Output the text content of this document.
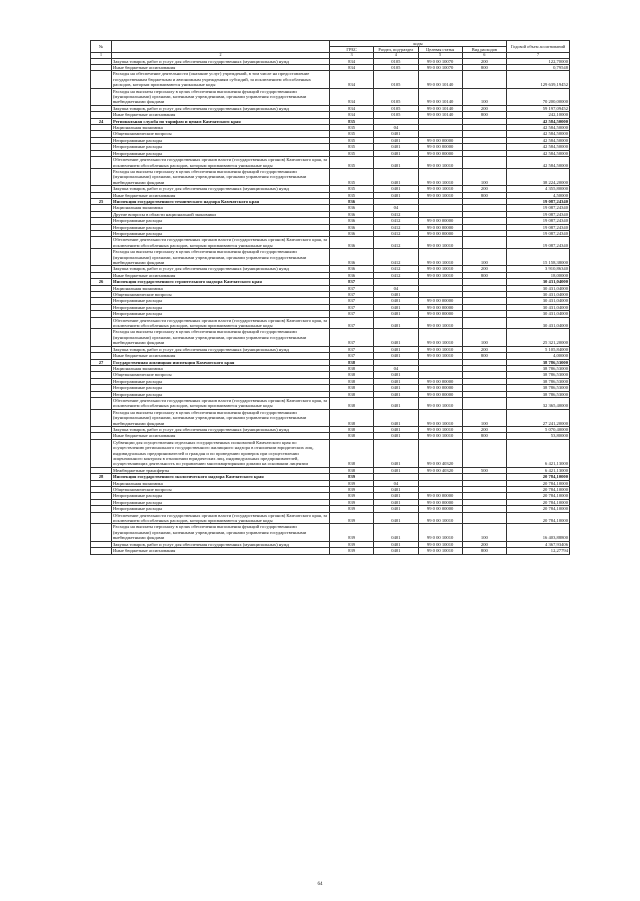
№		коды				Годовой объем ассигнований
		ГРБС	Раздел, под-раздел	Целевая статья	Вид расходов	
1	2	3	4	5	6	7
	Закупка товаров, работ и услуг для обеспечения государственных (муниципальных) нужд	834	0105	99 0 00 10070	200	122,70000
	Иные бюджетные ассигнования	834	0105	99 0 00 10070	800	0,79548
	Расходы на обеспечение деятельности (оказание услуг) учреждений, в том числе на предоставление государственным бюджетным и автономным учреждениям субсидий, за исключением обособленных расходов, которым присваиваются уникальные коды	834	0105	99 0 00 10140		129 639,19452
	Расходы на выплаты персоналу в целях обеспечения выполнения функций государственными (муниципальными) органами, казенными учреждениями, органами управления государственными внебюджетными фондами	834	0105	99 0 00 10140	100	70 200,00000
	Закупка товаров, работ и услуг для обеспечения государственных (муниципальных) нужд	834	0105	99 0 00 10140	200	59 197,09452
	Иные бюджетные ассигнования	834	0105	99 0 00 10140	800	242,10000
24	Региональная служба по тарифам и ценам Камчатского края	835				42 584,50000
	Национальная экономика	835	04			42 584,50000
	Общеэкономические вопросы	835	0401			42 584,50000
	Непрограммные расходы	835	0401	99 0 00 00000		42 584,50000
	Непрограммные расходы	835	0401	99 0 00 00000		42 584,50000
	Непрограммные расходы	835	0401	99 0 00 00000		42 584,50000
	Обеспечение деятельности государственных органов власти (государственных органов) Камчатского края, за исключением обособленных расходов, которым присваиваются уникальные коды	835	0401	99 0 00 10010		42 584,50000
	Расходы на выплаты персоналу в целях обеспечения выполнения функций государственными (муниципальными) органами, казенными учреждениями, органами управления государственными внебюджетными фондами	835	0401	99 0 00 10010	100	38 224,20000
	Закупка товаров, работ и услуг для обеспечения государственных (муниципальных) нужд	835	0401	99 0 00 10010	200	4 355,80000
	Иные бюджетные ассигнования	835	0401	99 0 00 10010	800	4,50000
25	Инспекция государственного технического надзора Камчатского края	836				19 087,24340
	Национальная экономика	836	04			19 087,24340
	Другие вопросы в области национальной экономики	836	0412			19 087,24340
	Непрограммные расходы	836	0412	99 0 00 00000		19 087,24340
	Непрограммные расходы	836	0412	99 0 00 00000		19 087,24340
	Непрограммные расходы	836	0412	99 0 00 00000		19 087,24340
	Обеспечение деятельности государственных органов власти (государственных органов) Камчатского края, за исключением обособленных расходов, которым присваиваются уникальные коды	836	0412	99 0 00 10010		19 087,24340
	Расходы на выплаты персоналу в целях обеспечения выполнения функций государственными (муниципальными) органами, казенными учреждениями, органами управления государственными внебюджетными фондами	836	0412	99 0 00 10010	100	15 158,38000
	Закупка товаров, работ и услуг для обеспечения государственных (муниципальных) нужд	836	0412	99 0 00 10010	200	3 910,86340
	Иные бюджетные ассигнования	836	0412	99 0 00 10010	800	18,00000
26	Инспекция государственного строительного надзора Камчатского края	837				30 431,04000
	Национальная экономика	837	04			30 431,04000
	Общеэкономические вопросы	837	0401			30 431,04000
	Непрограммные расходы	837	0401	99 0 00 00000		30 431,04000
	Непрограммные расходы	837	0401	99 0 00 00000		30 431,04000
	Непрограммные расходы	837	0401	99 0 00 00000		30 431,04000
	Обеспечение деятельности государственных органов власти (государственных органов) Камчатского края, за исключением обособленных расходов, которым присваиваются уникальные коды	837	0401	99 0 00 10010		30 431,04000
	Расходы на выплаты персоналу в целях обеспечения выполнения функций государственными (муниципальными) органами, казенными учреждениями, органами управления государственными внебюджетными фондами	837	0401	99 0 00 10010	100	25 321,20000
	Закупка товаров, работ и услуг для обеспечения государственных (муниципальных) нужд	837	0401	99 0 00 10010	200	5 105,84000
	Иные бюджетные ассигнования	837	0401	99 0 00 10010	800	4,00000
27	Государственная жилищная инспекция Камчатского края	838				38 786,53000
	Национальная экономика	838	04			38 786,53000
	Общеэкономические вопросы	838	0401			38 786,53000
	Непрограммные расходы	838	0401	99 0 00 00000		38 786,53000
	Непрограммные расходы	838	0401	99 0 00 00000		38 786,53000
	Непрограммные расходы	838	0401	99 0 00 00000		38 786,53000
	Обеспечение деятельности государственных органов власти (государственных органов) Камчатского края, за исключением обособленных расходов, которым присваиваются уникальные коды	838	0401	99 0 00 10010		32 365,40000
	Расходы на выплаты персоналу в целях обеспечения выполнения функций государственными (муниципальными) органами, казенными учреждениями, органами управления государственными внебюджетными фондами	838	0401	99 0 00 10010	100	27 241,20000
	Закупка товаров, работ и услуг для обеспечения государственных (муниципальных) нужд	838	0401	99 0 00 10010	200	5 070,40000
	Иные бюджетные ассигнования	838	0401	99 0 00 10010	800	53,80000
	Субвенции для осуществления отдельных государственных полномочий Камчатского края по осуществлению регионального государственного жилищного надзора в отношении юридических лиц, индивидуальных предпринимателей и граждан и по проведению проверок при осуществлении лицензионного контроля в отношении юридических лиц, индивидуальных предпринимателей, осуществляющих деятельность по управлению многоквартирными домами на основании лицензии	838	0401	99 0 00 40320		6 421,13000
	Межбюджетные трансферты	838	0401	99 0 00 40320	500	6 421,13000
28	Инспекция государственного экологического надзора Камчатского края	839				20 784,10000
	Национальная экономика	839	04			20 784,10000
	Общеэкономические вопросы	839	0401			20 784,10000
	Непрограммные расходы	839	0401	99 0 00 00000		20 784,10000
	Непрограммные расходы	839	0401	99 0 00 00000		20 784,10000
	Непрограммные расходы	839	0401	99 0 00 00000		20 784,10000
	Обеспечение деятельности государственных органов власти (государственных органов) Камчатского края, за исключением обособленных расходов, которым присваиваются уникальные коды	839	0401	99 0 00 10010		20 784,10000
	Расходы на выплаты персоналу в целях обеспечения выполнения функций государственными (муниципальными) органами, казенными учреждениями, органами управления государственными внебюджетными фондами	839	0401	99 0 00 10010	100	16 403,88800
	Закупка товаров, работ и услуг для обеспечения государственных (муниципальных) нужд	839	0401	99 0 00 10010	200	4 367,93406
	Иные бюджетные ассигнования	839	0401	99 0 00 10010	800	12,27794
64
